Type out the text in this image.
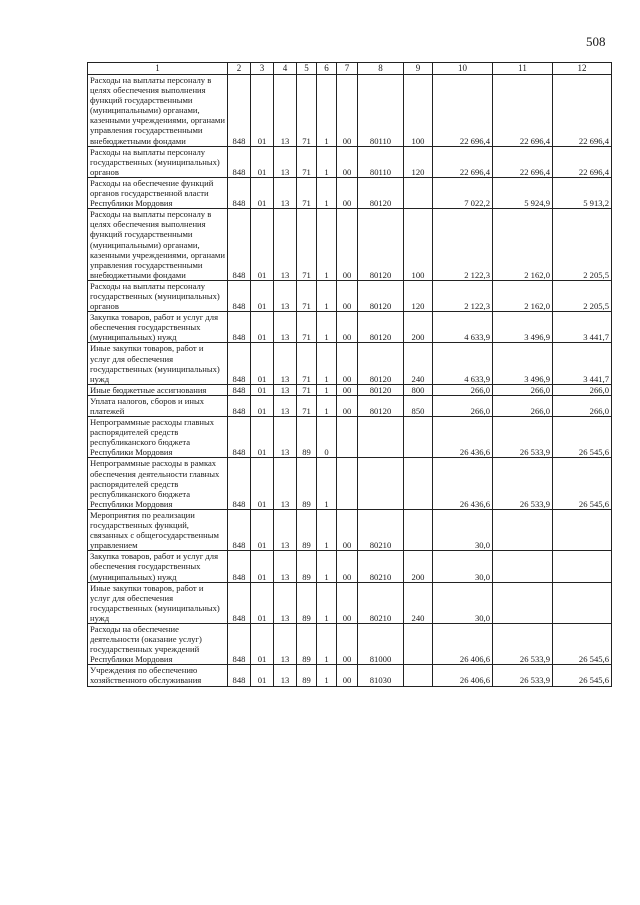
508
1	2	3	4	5	6	7	8	9	10	11	12
Расходы на выплаты персоналу в целях обеспечения выполнения функций государственными (муниципальными) органами, казенными учреждениями, органами управления государственными внебюджетными фондами	848	01	13	71	1	00	80110	100	22 696,4	22 696,4	22 696,4
Расходы на выплаты персоналу государственных (муниципальных) органов	848	01	13	71	1	00	80110	120	22 696,4	22 696,4	22 696,4
Расходы на обеспечение функций органов государственной власти Республики Мордовия	848	01	13	71	1	00	80120		7 022,2	5 924,9	5 913,2
Расходы на выплаты персоналу в целях обеспечения выполнения функций государственными (муниципальными) органами, казенными учреждениями, органами управления государственными внебюджетными фондами	848	01	13	71	1	00	80120	100	2 122,3	2 162,0	2 205,5
Расходы на выплаты персоналу государственных (муниципальных) органов	848	01	13	71	1	00	80120	120	2 122,3	2 162,0	2 205,5
Закупка товаров, работ и услуг для обеспечения государственных (муниципальных) нужд	848	01	13	71	1	00	80120	200	4 633,9	3 496,9	3 441,7
Иные закупки товаров, работ и услуг для обеспечения государственных (муниципальных) нужд	848	01	13	71	1	00	80120	240	4 633,9	3 496,9	3 441,7
Иные бюджетные ассигнования	848	01	13	71	1	00	80120	800	266,0	266,0	266,0
Уплата налогов, сборов и иных платежей	848	01	13	71	1	00	80120	850	266,0	266,0	266,0
Непрограммные расходы главных распорядителей средств республиканского бюджета Республики Мордовия	848	01	13	89	0				26 436,6	26 533,9	26 545,6
Непрограммные расходы в рамках обеспечения деятельности главных распорядителей средств республиканского бюджета Республики Мордовия	848	01	13	89	1				26 436,6	26 533,9	26 545,6
Мероприятия по реализации государственных функций, связанных с общегосударственным управлением	848	01	13	89	1	00	80210		30,0		
Закупка товаров, работ и услуг для обеспечения государственных (муниципальных) нужд	848	01	13	89	1	00	80210	200	30,0		
Иные закупки товаров, работ и услуг для обеспечения государственных (муниципальных) нужд	848	01	13	89	1	00	80210	240	30,0		
Расходы на обеспечение деятельности (оказание услуг) государственных учреждений Республики Мордовия	848	01	13	89	1	00	81000		26 406,6	26 533,9	26 545,6
Учреждения по обеспечению хозяйственного обслуживания	848	01	13	89	1	00	81030		26 406,6	26 533,9	26 545,6
